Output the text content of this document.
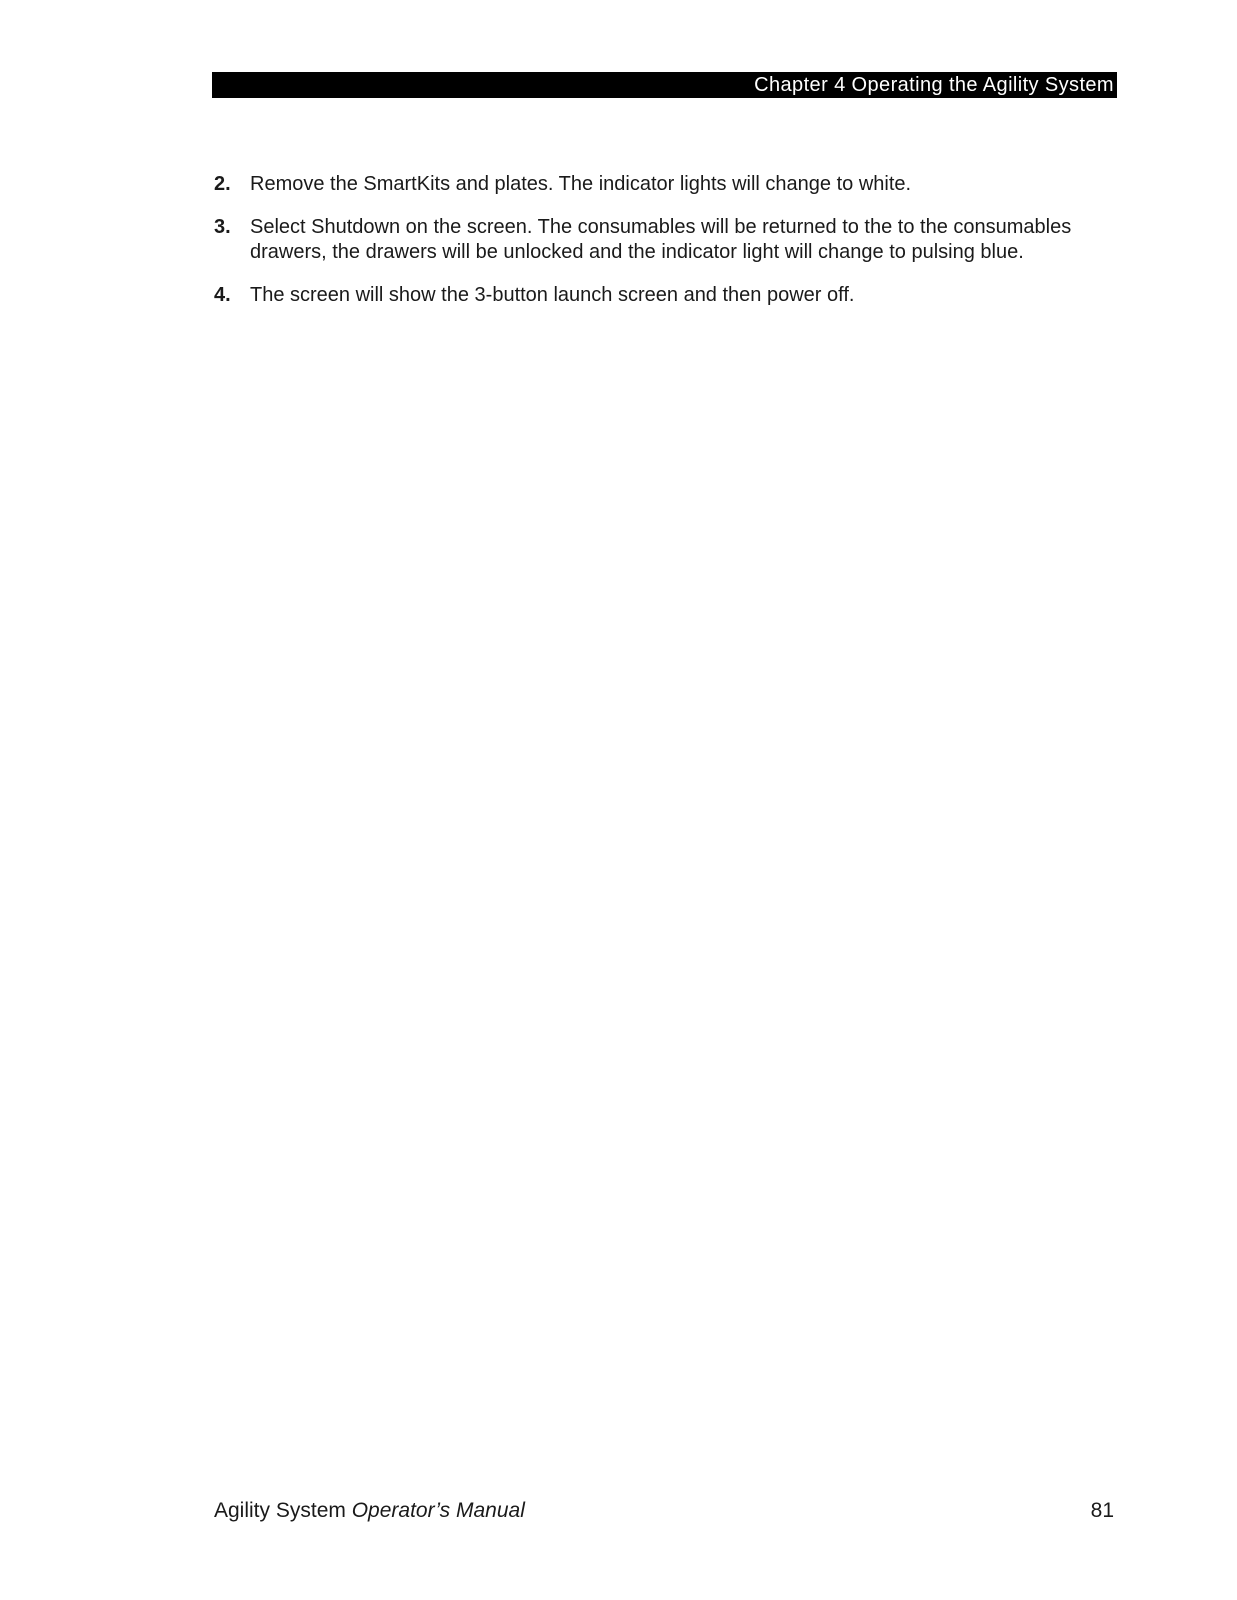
Chapter 4 Operating the Agility System
2. Remove the SmartKits and plates. The indicator lights will change to white.
3. Select Shutdown on the screen. The consumables will be returned to the to the consumables drawers, the drawers will be unlocked and the indicator light will change to pulsing blue.
4. The screen will show the 3-button launch screen and then power off.
Agility System Operator’s Manual	81
